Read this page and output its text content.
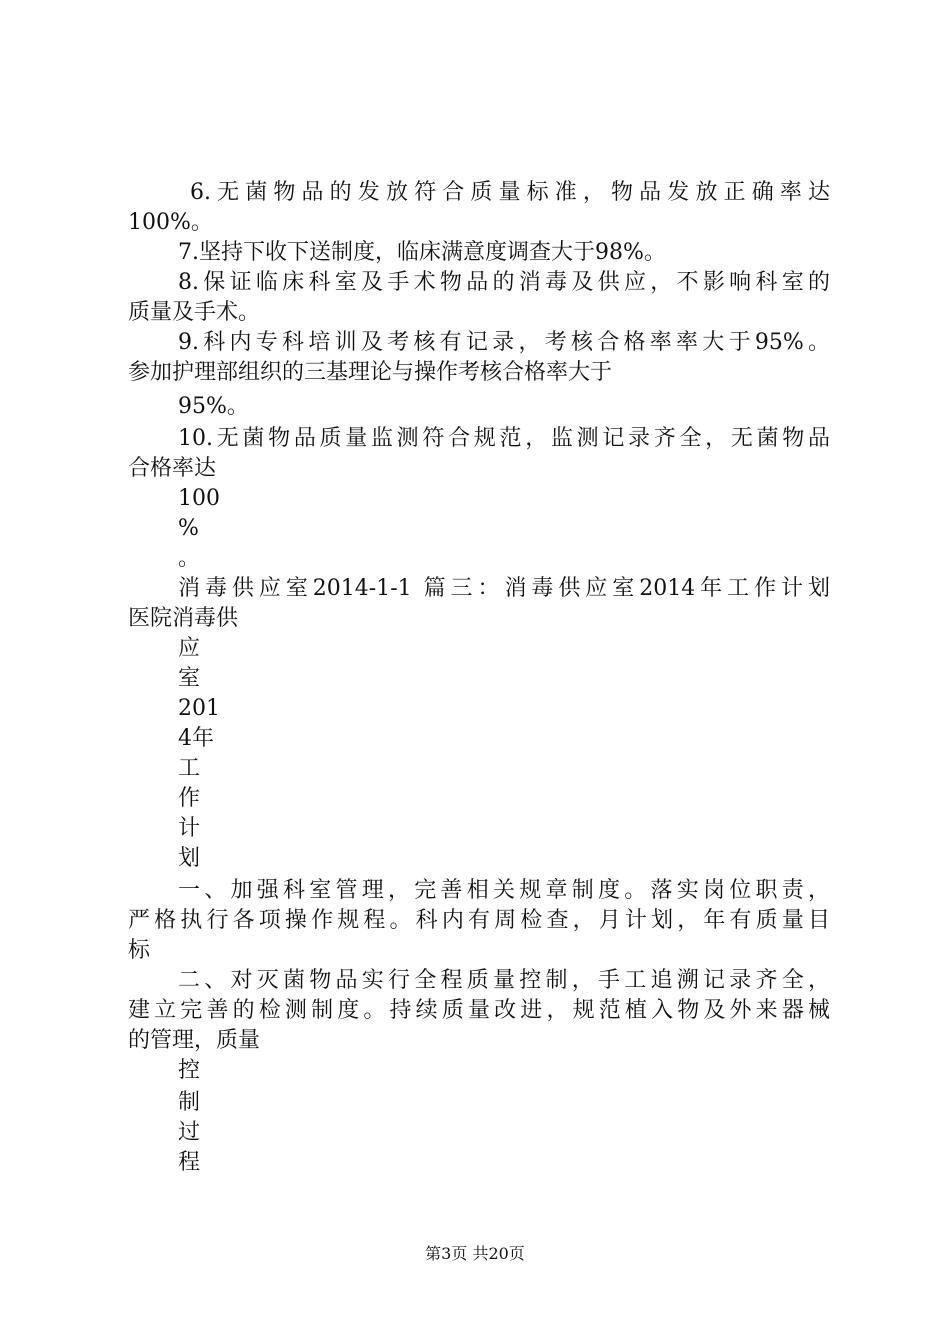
6.无菌物品的发放符合质量标准，物品发放正确率达

100%。

7.坚持下收下送制度，临床满意度调查大于98%。

8.保证临床科室及手术物品的消毒及供应，不影响科室的

质量及手术。

9.科内专科培训及考核有记录，考核合格率率大于95%。

参加护理部组织的三基理论与操作考核合格率大于

95%。

10.无菌物品质量监测符合规范，监测记录齐全，无菌物品

合格率达

100

%

。

消毒供应室2014-1-1 篇三：消毒供应室2014年工作计划

医院消毒供

应

室

201

4年

工

作

计

划

一、加强科室管理，完善相关规章制度。落实岗位职责，

严格执行各项操作规程。科内有周检查，月计划，年有质量目

标

二、对灭菌物品实行全程质量控制，手工追溯记录齐全，

建立完善的检测制度。持续质量改进，规范植入物及外来器械

的管理，质量

控

制

过

程

第3页 共20页
